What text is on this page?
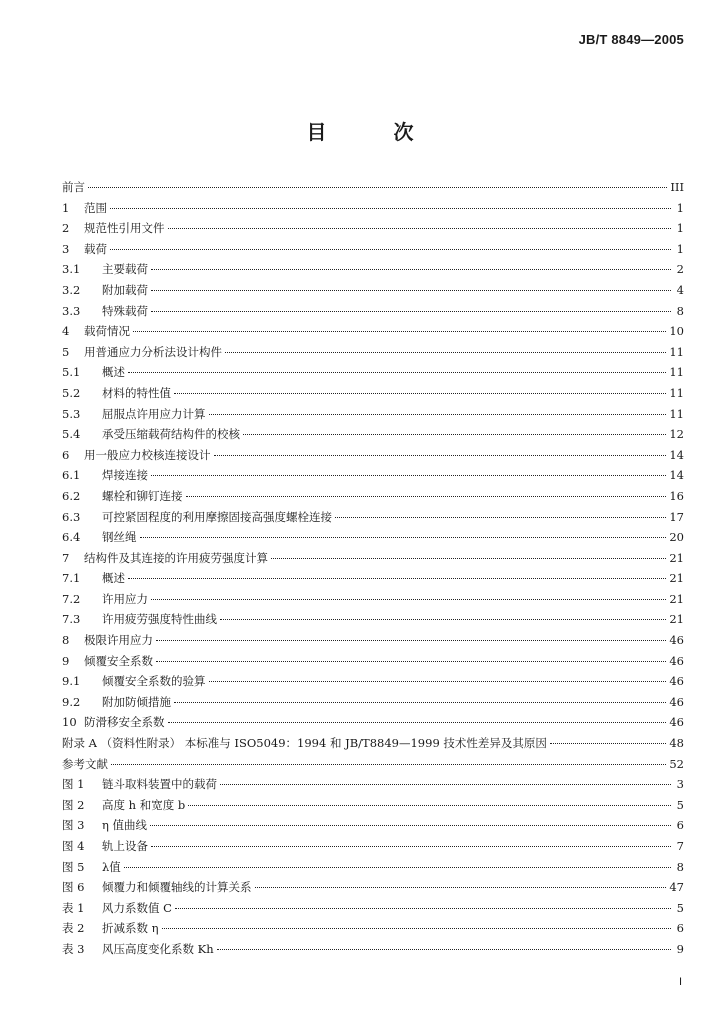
JB/T 8849—2005
目 次
前言	III
1	范围	1
2	规范性引用文件	1
3	载荷	1
3.1	主要载荷	2
3.2	附加载荷	4
3.3	特殊载荷	8
4	载荷情况	10
5	用普通应力分析法设计构件	11
5.1	概述	11
5.2	材料的特性值	11
5.3	屈服点许用应力计算	11
5.4	承受压缩载荷结构件的校核	12
6	用一般应力校核连接设计	14
6.1	焊接连接	14
6.2	螺栓和铆钉连接	16
6.3	可控紧固程度的利用摩擦固接高强度螺栓连接	17
6.4	钢丝绳	20
7	结构件及其连接的许用疲劳强度计算	21
7.1	概述	21
7.2	许用应力	21
7.3	许用疲劳强度特性曲线	21
8	极限许用应力	46
9	倾覆安全系数	46
9.1	倾覆安全系数的验算	46
9.2	附加防倾措施	46
10 防滑移安全系数	46
附录 A （资料性附录） 本标准与 ISO5049：1994 和 JB/T8849—1999 技术性差异及其原因	48
参考文献	52
图 1	链斗取料装置中的载荷	3
图 2	高度 h 和宽度 b	5
图 3	η 值曲线	6
图 4	轨上设备	7
图 5	λ值	8
图 6	倾覆力和倾覆轴线的计算关系	47
表 1	风力系数值 C	5
表 2	折减系数 η	6
表 3	风压高度变化系数 Kh	9
I
